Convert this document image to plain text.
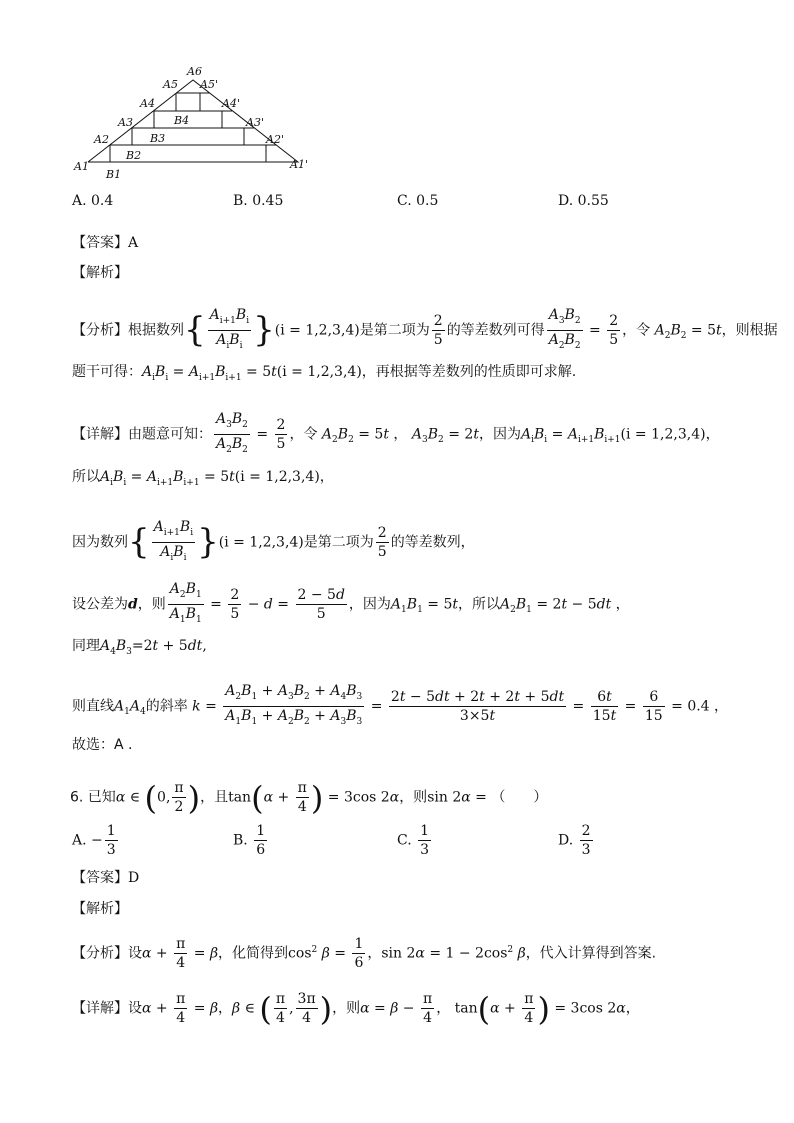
A6
A5 A5'
A4	A4'
A3	A3'
A2	A2'
A1	A1'
B4
B3
B2
B1
A. 0.4	B. 0.45	C. 0.5	D. 0.55
【答案】A
【解析】
【分析】根据数列{ $\frac{A_{i+1}B_i}{A_iB_i} \}(i = 1,2,3,4)$是第二项为 $\frac{2}{5}$ 的等差数列可得 $\frac{A_3B_2}{A_2B_2} = \frac{2}{5}$ ，令 $A_2B_2 = 5t$，则根据
题干可得：$A_iB_i = A_{i+1}B_{i+1} = 5t(i = 1,2,3,4)$，再根据等差数列的性质即可求解.
【详解】由题意可知： $\frac{A_3B_2}{A_2B_2} = \frac{2}{5}$ ，令 $A_2B_2 = 5t$ ， $A_3B_2 = 2t$，因为$A_iB_i = A_{i+1}B_{i+1}(i = 1,2,3,4)$，
所以$A_iB_i = A_{i+1}B_{i+1} = 5t(i = 1,2,3,4)$，
因为数列{ $\frac{A_{i+1}B_i}{A_iB_i} \}(i = 1,2,3,4)$是第二项为 $\frac{2}{5}$ 的等差数列，
设公差为d，则 $\frac{A_2B_1}{A_1B_1} = \frac{2}{5} - d = \frac{2 - 5d}{5}$ ，因为$A_1B_1 = 5t$，所以$A_2B_1 = 2t - 5dt$ ，
同理$A_4B_3=2t + 5dt$,
则直线$A_1A_4$的斜率 $k = \frac{A_2B_1 + A_3B_2 + A_4B_3}{A_1B_1 + A_2B_2 + A_3B_3} = \frac{2t - 5dt + 2t + 2t + 5dt}{3\times 5t} = \frac{6t}{15t} = \frac{6}{15} = 0.4$ ，
故选：A .
6. 已知α ∈ (0, $\frac{\pi}{2}$ )，且$\tan(\alpha + \frac{\pi}{4}$ ) = 3cos 2α，则sin 2α = （　　）
A. − $\frac{1}{3}$	B. $\frac{1}{6}$	C. $\frac{1}{3}$	D. $\frac{2}{3}$
【答案】D
【解析】
【分析】设$\alpha + \frac{\pi}{4} = \beta$，化简得到$\cos^2 \beta = \frac{1}{6}$ ，$\sin 2\alpha = 1 - 2\cos^2$ β，代入计算得到答案.
【详解】设$\alpha + \frac{\pi}{4} = \beta$，β ∈ ( $\frac{\pi}{4}$ , $\frac{3\pi}{4}$ )，则$\alpha = \beta - \frac{\pi}{4}$ ， $\tan(\alpha + \frac{\pi}{4}$ ) = 3cos 2α，
